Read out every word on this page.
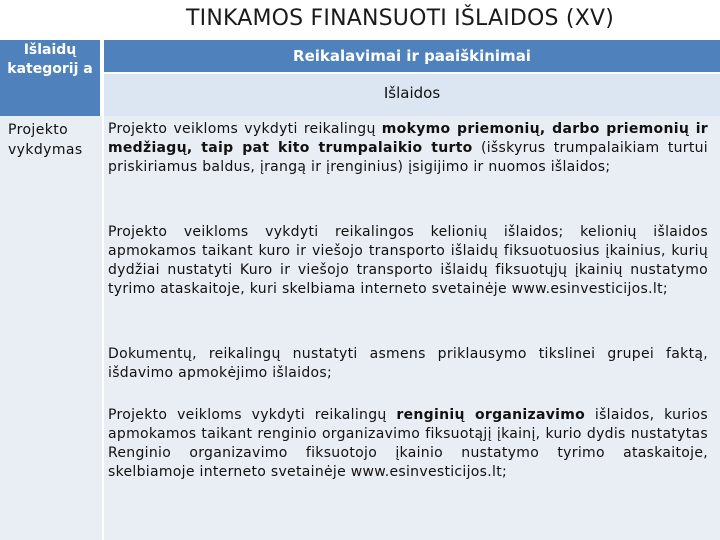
TINKAMOS FINANSUOTI IŠLAIDOS (XV)
Išlaidų kategorij a
Reikalavimai ir paaiškinimai
Išlaidos
Projekto vykdymas
Projekto veikloms vykdyti reikalingų mokymo priemonių, darbo priemonių ir medžiagų, taip pat kito trumpalaikio turto (išskyrus trumpalaikiam turtui priskiriamus baldus, įrangą ir įrenginius) įsigijimo ir nuomos išlaidos;
Projekto veikloms vykdyti reikalingos kelionių išlaidos; kelionių išlaidos apmokamos taikant kuro ir viešojo transporto išlaidų fiksuotuosius įkainius, kurių dydžiai nustatyti Kuro ir viešojo transporto išlaidų fiksuotųjų įkainių nustatymo tyrimo ataskaitoje, kuri skelbiama interneto svetainėje www.esinvesticijos.lt;
Dokumentų, reikalingų nustatyti asmens priklausymo tikslinei grupei faktą, išdavimo apmokėjimo išlaidos;
Projekto veikloms vykdyti reikalingų renginių organizavimo išlaidos, kurios apmokamos taikant renginio organizavimo fiksuotąjį įkainį, kurio dydis nustatytas Renginio organizavimo fiksuotojo įkainio nustatymo tyrimo ataskaitoje, skelbiamoje interneto svetainėje www.esinvesticijos.lt;
